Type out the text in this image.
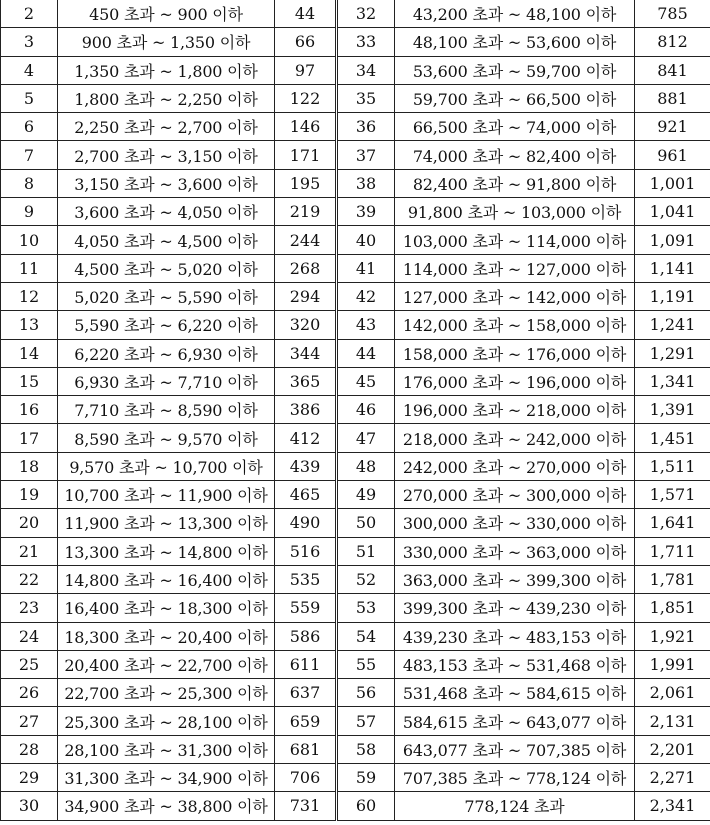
2	450 초과 ~ 900 이하	44	32	43,200 초과 ~ 48,100 이하	785
3	900 초과 ~ 1,350 이하	66	33	48,100 초과 ~ 53,600 이하	812
4	1,350 초과 ~ 1,800 이하	97	34	53,600 초과 ~ 59,700 이하	841
5	1,800 초과 ~ 2,250 이하	122	35	59,700 초과 ~ 66,500 이하	881
6	2,250 초과 ~ 2,700 이하	146	36	66,500 초과 ~ 74,000 이하	921
7	2,700 초과 ~ 3,150 이하	171	37	74,000 초과 ~ 82,400 이하	961
8	3,150 초과 ~ 3,600 이하	195	38	82,400 초과 ~ 91,800 이하	1,001
9	3,600 초과 ~ 4,050 이하	219	39	91,800 초과 ~ 103,000 이하	1,041
10	4,050 초과 ~ 4,500 이하	244	40	103,000 초과 ~ 114,000 이하	1,091
11	4,500 초과 ~ 5,020 이하	268	41	114,000 초과 ~ 127,000 이하	1,141
12	5,020 초과 ~ 5,590 이하	294	42	127,000 초과 ~ 142,000 이하	1,191
13	5,590 초과 ~ 6,220 이하	320	43	142,000 초과 ~ 158,000 이하	1,241
14	6,220 초과 ~ 6,930 이하	344	44	158,000 초과 ~ 176,000 이하	1,291
15	6,930 초과 ~ 7,710 이하	365	45	176,000 초과 ~ 196,000 이하	1,341
16	7,710 초과 ~ 8,590 이하	386	46	196,000 초과 ~ 218,000 이하	1,391
17	8,590 초과 ~ 9,570 이하	412	47	218,000 초과 ~ 242,000 이하	1,451
18	9,570 초과 ~ 10,700 이하	439	48	242,000 초과 ~ 270,000 이하	1,511
19	10,700 초과 ~ 11,900 이하	465	49	270,000 초과 ~ 300,000 이하	1,571
20	11,900 초과 ~ 13,300 이하	490	50	300,000 초과 ~ 330,000 이하	1,641
21	13,300 초과 ~ 14,800 이하	516	51	330,000 초과 ~ 363,000 이하	1,711
22	14,800 초과 ~ 16,400 이하	535	52	363,000 초과 ~ 399,300 이하	1,781
23	16,400 초과 ~ 18,300 이하	559	53	399,300 초과 ~ 439,230 이하	1,851
24	18,300 초과 ~ 20,400 이하	586	54	439,230 초과 ~ 483,153 이하	1,921
25	20,400 초과 ~ 22,700 이하	611	55	483,153 초과 ~ 531,468 이하	1,991
26	22,700 초과 ~ 25,300 이하	637	56	531,468 초과 ~ 584,615 이하	2,061
27	25,300 초과 ~ 28,100 이하	659	57	584,615 초과 ~ 643,077 이하	2,131
28	28,100 초과 ~ 31,300 이하	681	58	643,077 초과 ~ 707,385 이하	2,201
29	31,300 초과 ~ 34,900 이하	706	59	707,385 초과 ~ 778,124 이하	2,271
30	34,900 초과 ~ 38,800 이하	731	60	778,124 초과	2,341
